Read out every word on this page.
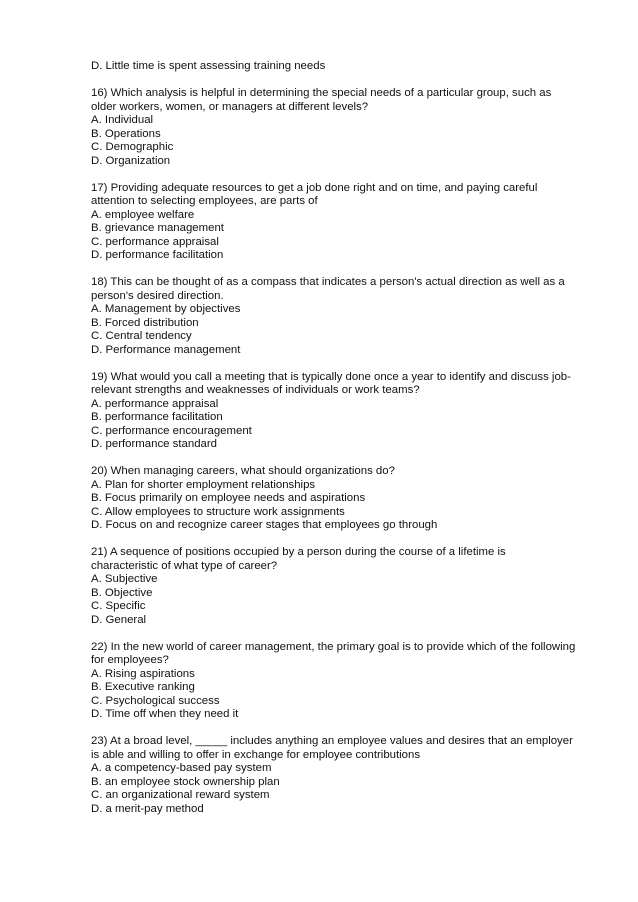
D. Little time is spent assessing training needs
16) Which analysis is helpful in determining the special needs of a particular group, such as
older workers, women, or managers at different levels?
A. Individual
B. Operations
C. Demographic
D. Organization
17) Providing adequate resources to get a job done right and on time, and paying careful
attention to selecting employees, are parts of
A. employee welfare
B. grievance management
C. performance appraisal
D. performance facilitation
18) This can be thought of as a compass that indicates a person's actual direction as well as a
person's desired direction.
A. Management by objectives
B. Forced distribution
C. Central tendency
D. Performance management
19) What would you call a meeting that is typically done once a year to identify and discuss job-
relevant strengths and weaknesses of individuals or work teams?
A. performance appraisal
B. performance facilitation
C. performance encouragement
D. performance standard
20) When managing careers, what should organizations do?
A. Plan for shorter employment relationships
B. Focus primarily on employee needs and aspirations
C. Allow employees to structure work assignments
D. Focus on and recognize career stages that employees go through
21) A sequence of positions occupied by a person during the course of a lifetime is
characteristic of what type of career?
A. Subjective
B. Objective
C. Specific
D. General
22) In the new world of career management, the primary goal is to provide which of the following
for employees?
A. Rising aspirations
B. Executive ranking
C. Psychological success
D. Time off when they need it
23) At a broad level, _____ includes anything an employee values and desires that an employer
is able and willing to offer in exchange for employee contributions
A. a competency-based pay system
B. an employee stock ownership plan
C. an organizational reward system
D. a merit-pay method
